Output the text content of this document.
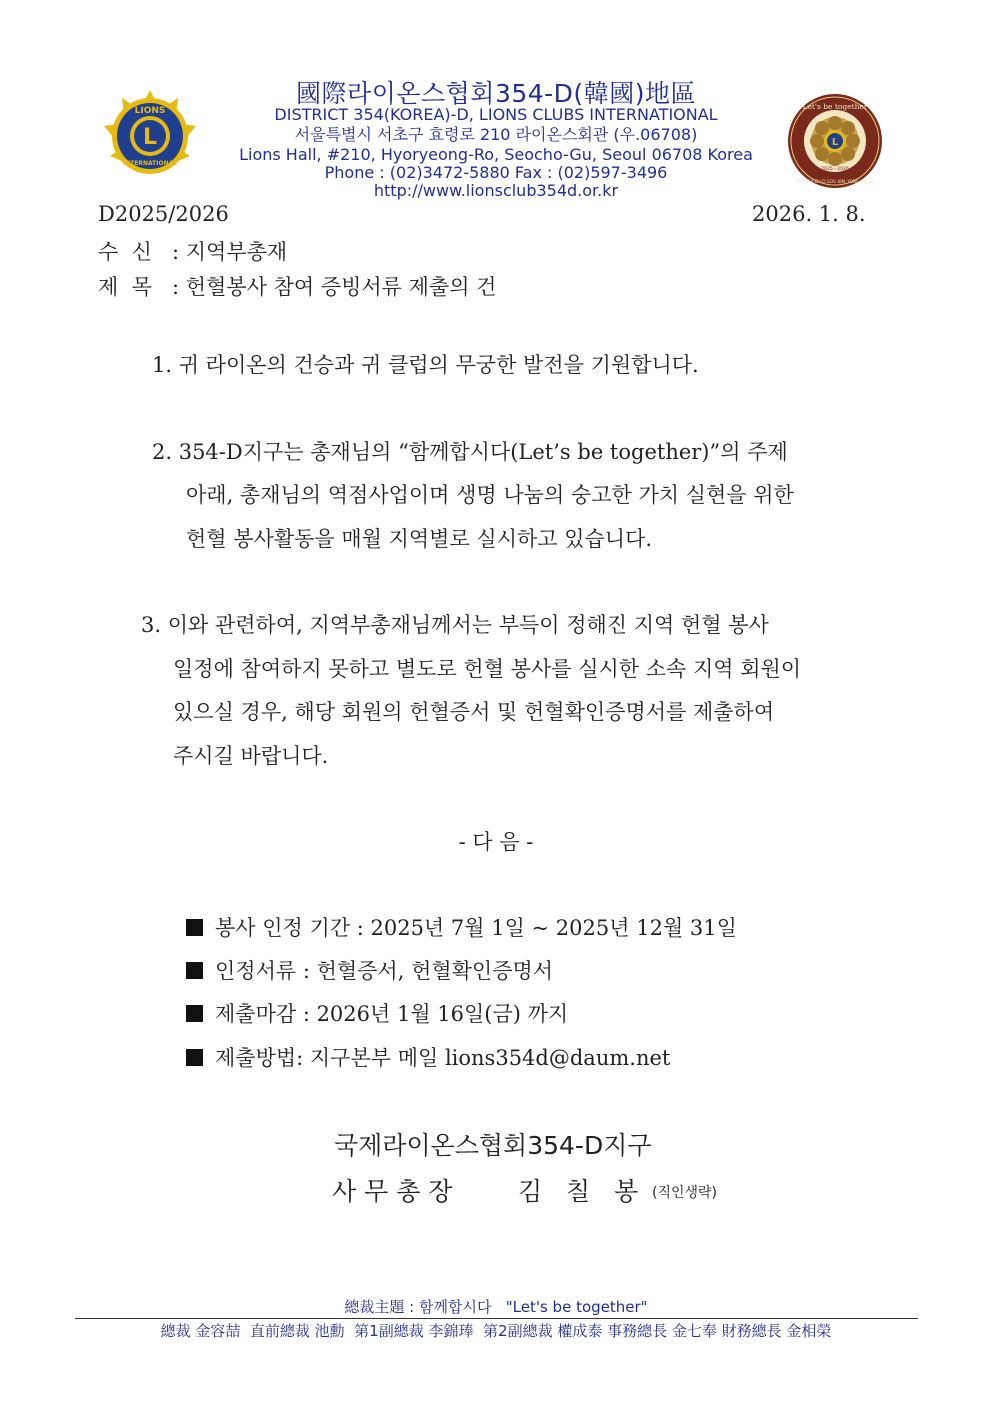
L
LIONS
INTERNATIONAL
國際라이온스협회354-D(韓國)地區
DISTRICT 354(KOREA)-D, LIONS CLUBS INTERNATIONAL
서울특별시 서초구 효령로 210 라이온스회관 (우.06708)
Lions Hall, #210, Hyoryeong-Ro, Seocho-Gu, Seoul 06708 Korea
Phone : (02)3472-5880 Fax : (02)597-3496
http://www.lionsclub354d.or.kr
L
Let's be together
2025 - 2026
DIST.354-D LCI GOV. KIM, YONG-CHEOL
D2025/2026	2026. 1. 8.
수  신 : 지역부총재
제  목 : 헌혈봉사 참여 증빙서류 제출의 건
1. 귀 라이온의 건승과 귀 클럽의 무궁한 발전을 기원합니다.
2. 354-D지구는 총재님의 “함께합시다(Let’s be together)”의 주제
아래, 총재님의 역점사업이며 생명 나눔의 숭고한 가치 실현을 위한
헌혈 봉사활동을 매월 지역별로 실시하고 있습니다.
3. 이와 관련하여, 지역부총재님께서는 부득이 정해진 지역 헌혈 봉사
일정에 참여하지 못하고 별도로 헌혈 봉사를 실시한 소속 지역 회원이
있으실 경우, 해당 회원의 헌혈증서 및 헌혈확인증명서를 제출하여
주시길 바랍니다.
- 다 음 -
봉사 인정 기간 : 2025년 7월 1일 ~ 2025년 12월 31일
인정서류 : 헌혈증서, 헌혈확인증명서
제출마감 : 2026년 1월 16일(금) 까지
제출방법: 지구본부 메일 lions354d@daum.net
국제라이온스협회354-D지구
사 무 총 장	김   칠   봉 (직인생략)
總裁主題 : 함께합시다   "Let's be together"
總裁 金容喆  直前總裁 池勳  第1副總裁 李錦琫  第2副總裁 權成泰 事務總長 金七奉 財務總長 金相榮
